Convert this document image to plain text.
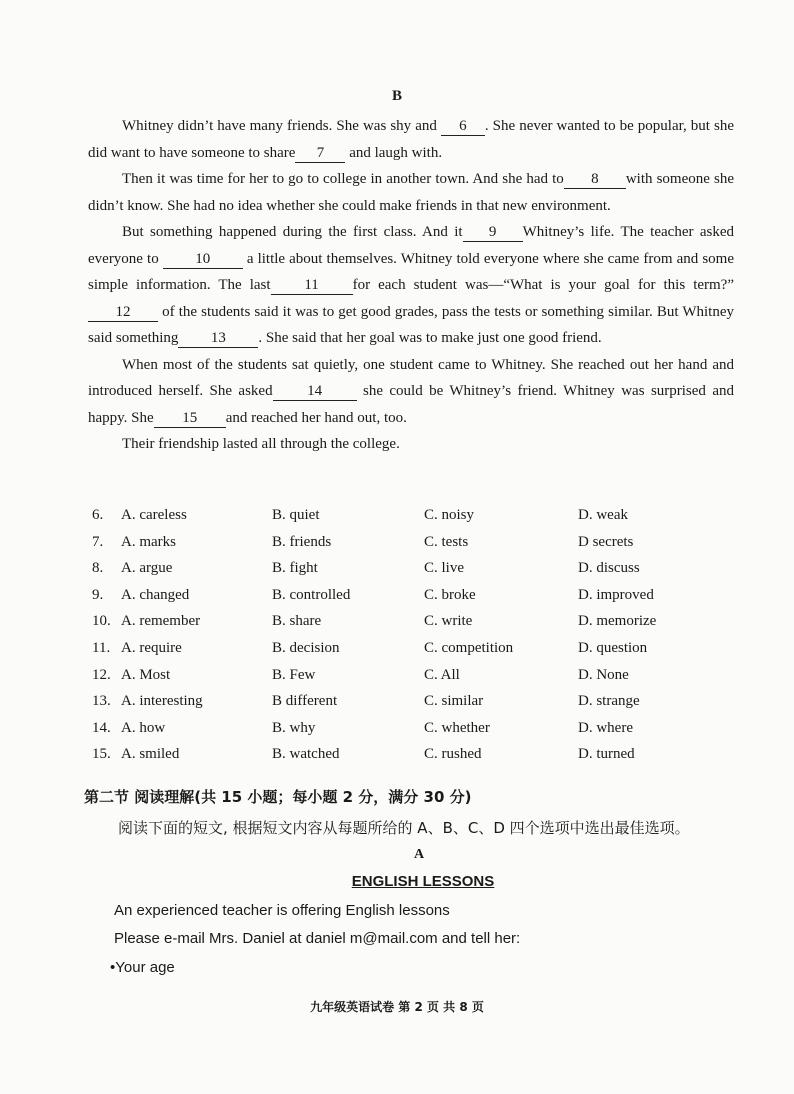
B

Whitney didn’t have many friends. She was shy and 6 . She never wanted to be popular, but she did want to have someone to share 7 and laugh with.

Then it was time for her to go to college in another town. And she had to 8 with someone she didn’t know. She had no idea whether she could make friends in that new environment.

But something happened during the first class. And it 9 Whitney’s life. The teacher asked everyone to 10 a little about themselves. Whitney told everyone where she came from and some simple information. The last 11 for each student was—“What is your goal for this term?” 12 of the students said it was to get good grades, pass the tests or something similar. But Whitney said something 13 . She said that her goal was to make just one good friend.

When most of the students sat quietly, one student came to Whitney. She reached out her hand and introduced herself. She asked 14 she could be Whitney’s friend. Whitney was surprised and happy. She 15 and reached her hand out, too.

Their friendship lasted all through the college.

6.	A. careless	B. quiet	C. noisy	D. weak
7.	A. marks	B. friends	C. tests	D secrets
8.	A. argue	B. fight	C. live	D. discuss
9.	A. changed	B. controlled	C. broke	D. improved
10. A. remember	B. share	C. write	D. memorize
11. A. require	B. decision	C. competition	D. question
12. A. Most	B. Few	C. All	D. None
13. A. interesting	B different	C. similar	D. strange
14. A. how	B. why	C. whether	D. where
15. A. smiled	B. watched	C. rushed	D. turned
第二节 阅读理解(共 15 小题；每小题 2 分，满分 30 分)
阅读下面的短文, 根据短文内容从每题所给的 A、B、C、D 四个选项中选出最佳选项。
A
ENGLISH LESSONS
An experienced teacher is offering English lessons
Please e-mail Mrs. Daniel at daniel m@mail.com and tell her:
•Your age
九年级英语试卷 第 2 页 共 8 页
